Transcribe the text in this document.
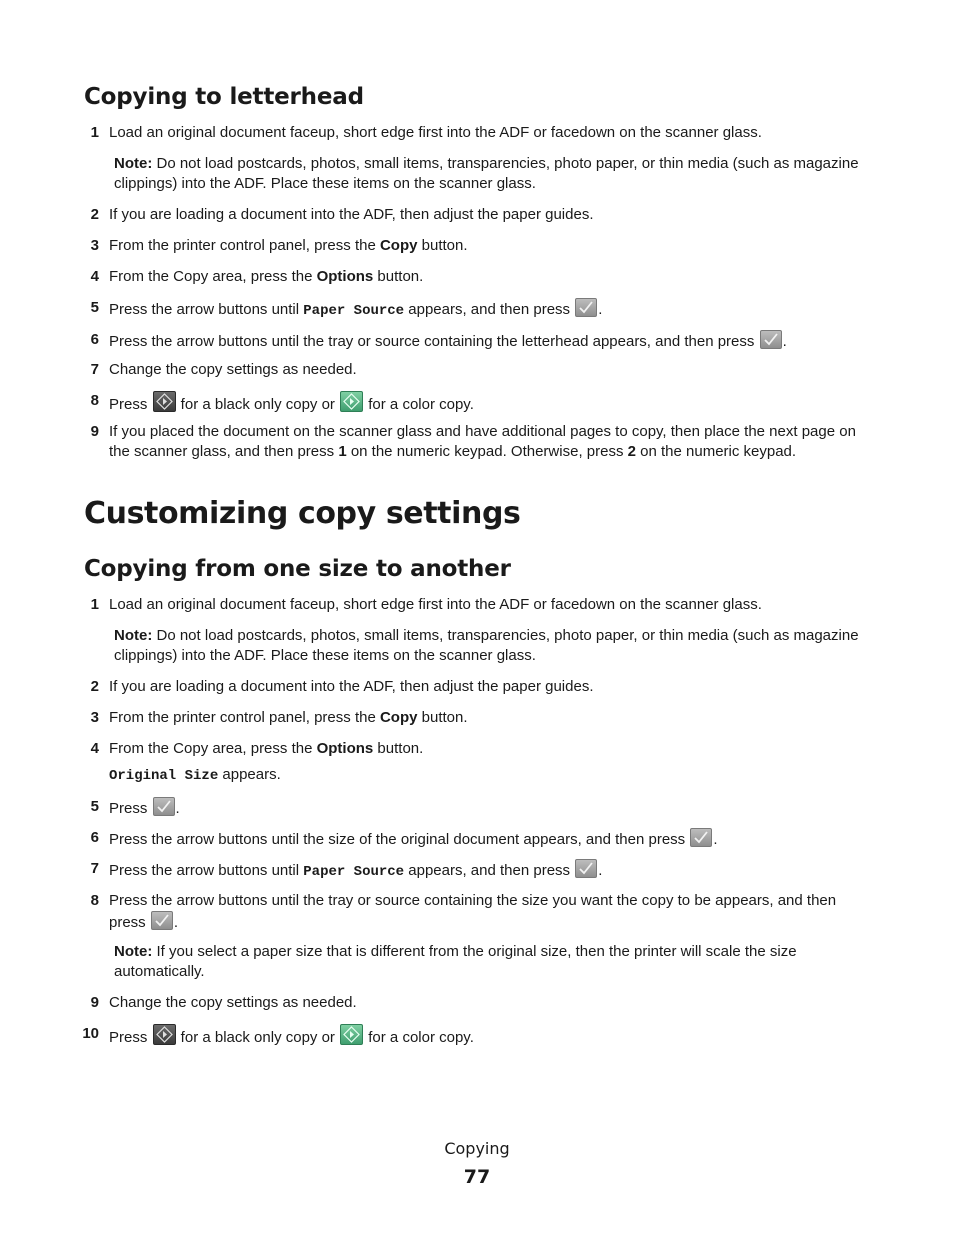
Copying to letterhead
1 Load an original document faceup, short edge first into the ADF or facedown on the scanner glass.
Note: Do not load postcards, photos, small items, transparencies, photo paper, or thin media (such as magazine clippings) into the ADF. Place these items on the scanner glass.
2 If you are loading a document into the ADF, then adjust the paper guides.
3 From the printer control panel, press the Copy button.
4 From the Copy area, press the Options button.
5 Press the arrow buttons until Paper Source appears, and then press
.
6 Press the arrow buttons until the tray or source containing the letterhead appears, and then press
.
7 Change the copy settings as needed.
8 Press
for a black only copy or
for a color copy.
9 If you placed the document on the scanner glass and have additional pages to copy, then place the next page on the scanner glass, and then press 1 on the numeric keypad. Otherwise, press 2 on the numeric keypad.
Customizing copy settings
Copying from one size to another
1 Load an original document faceup, short edge first into the ADF or facedown on the scanner glass.
Note: Do not load postcards, photos, small items, transparencies, photo paper, or thin media (such as magazine clippings) into the ADF. Place these items on the scanner glass.
2 If you are loading a document into the ADF, then adjust the paper guides.
3 From the printer control panel, press the Copy button.
4 From the Copy area, press the Options button.
Original Size appears.
5 Press
.
6 Press the arrow buttons until the size of the original document appears, and then press
.
7 Press the arrow buttons until Paper Source appears, and then press
.
8 Press the arrow buttons until the tray or source containing the size you want the copy to be appears, and then press
.
Note: If you select a paper size that is different from the original size, then the printer will scale the size automatically.
9 Change the copy settings as needed.
10 Press
for a black only copy or
for a color copy.
Copying
77
